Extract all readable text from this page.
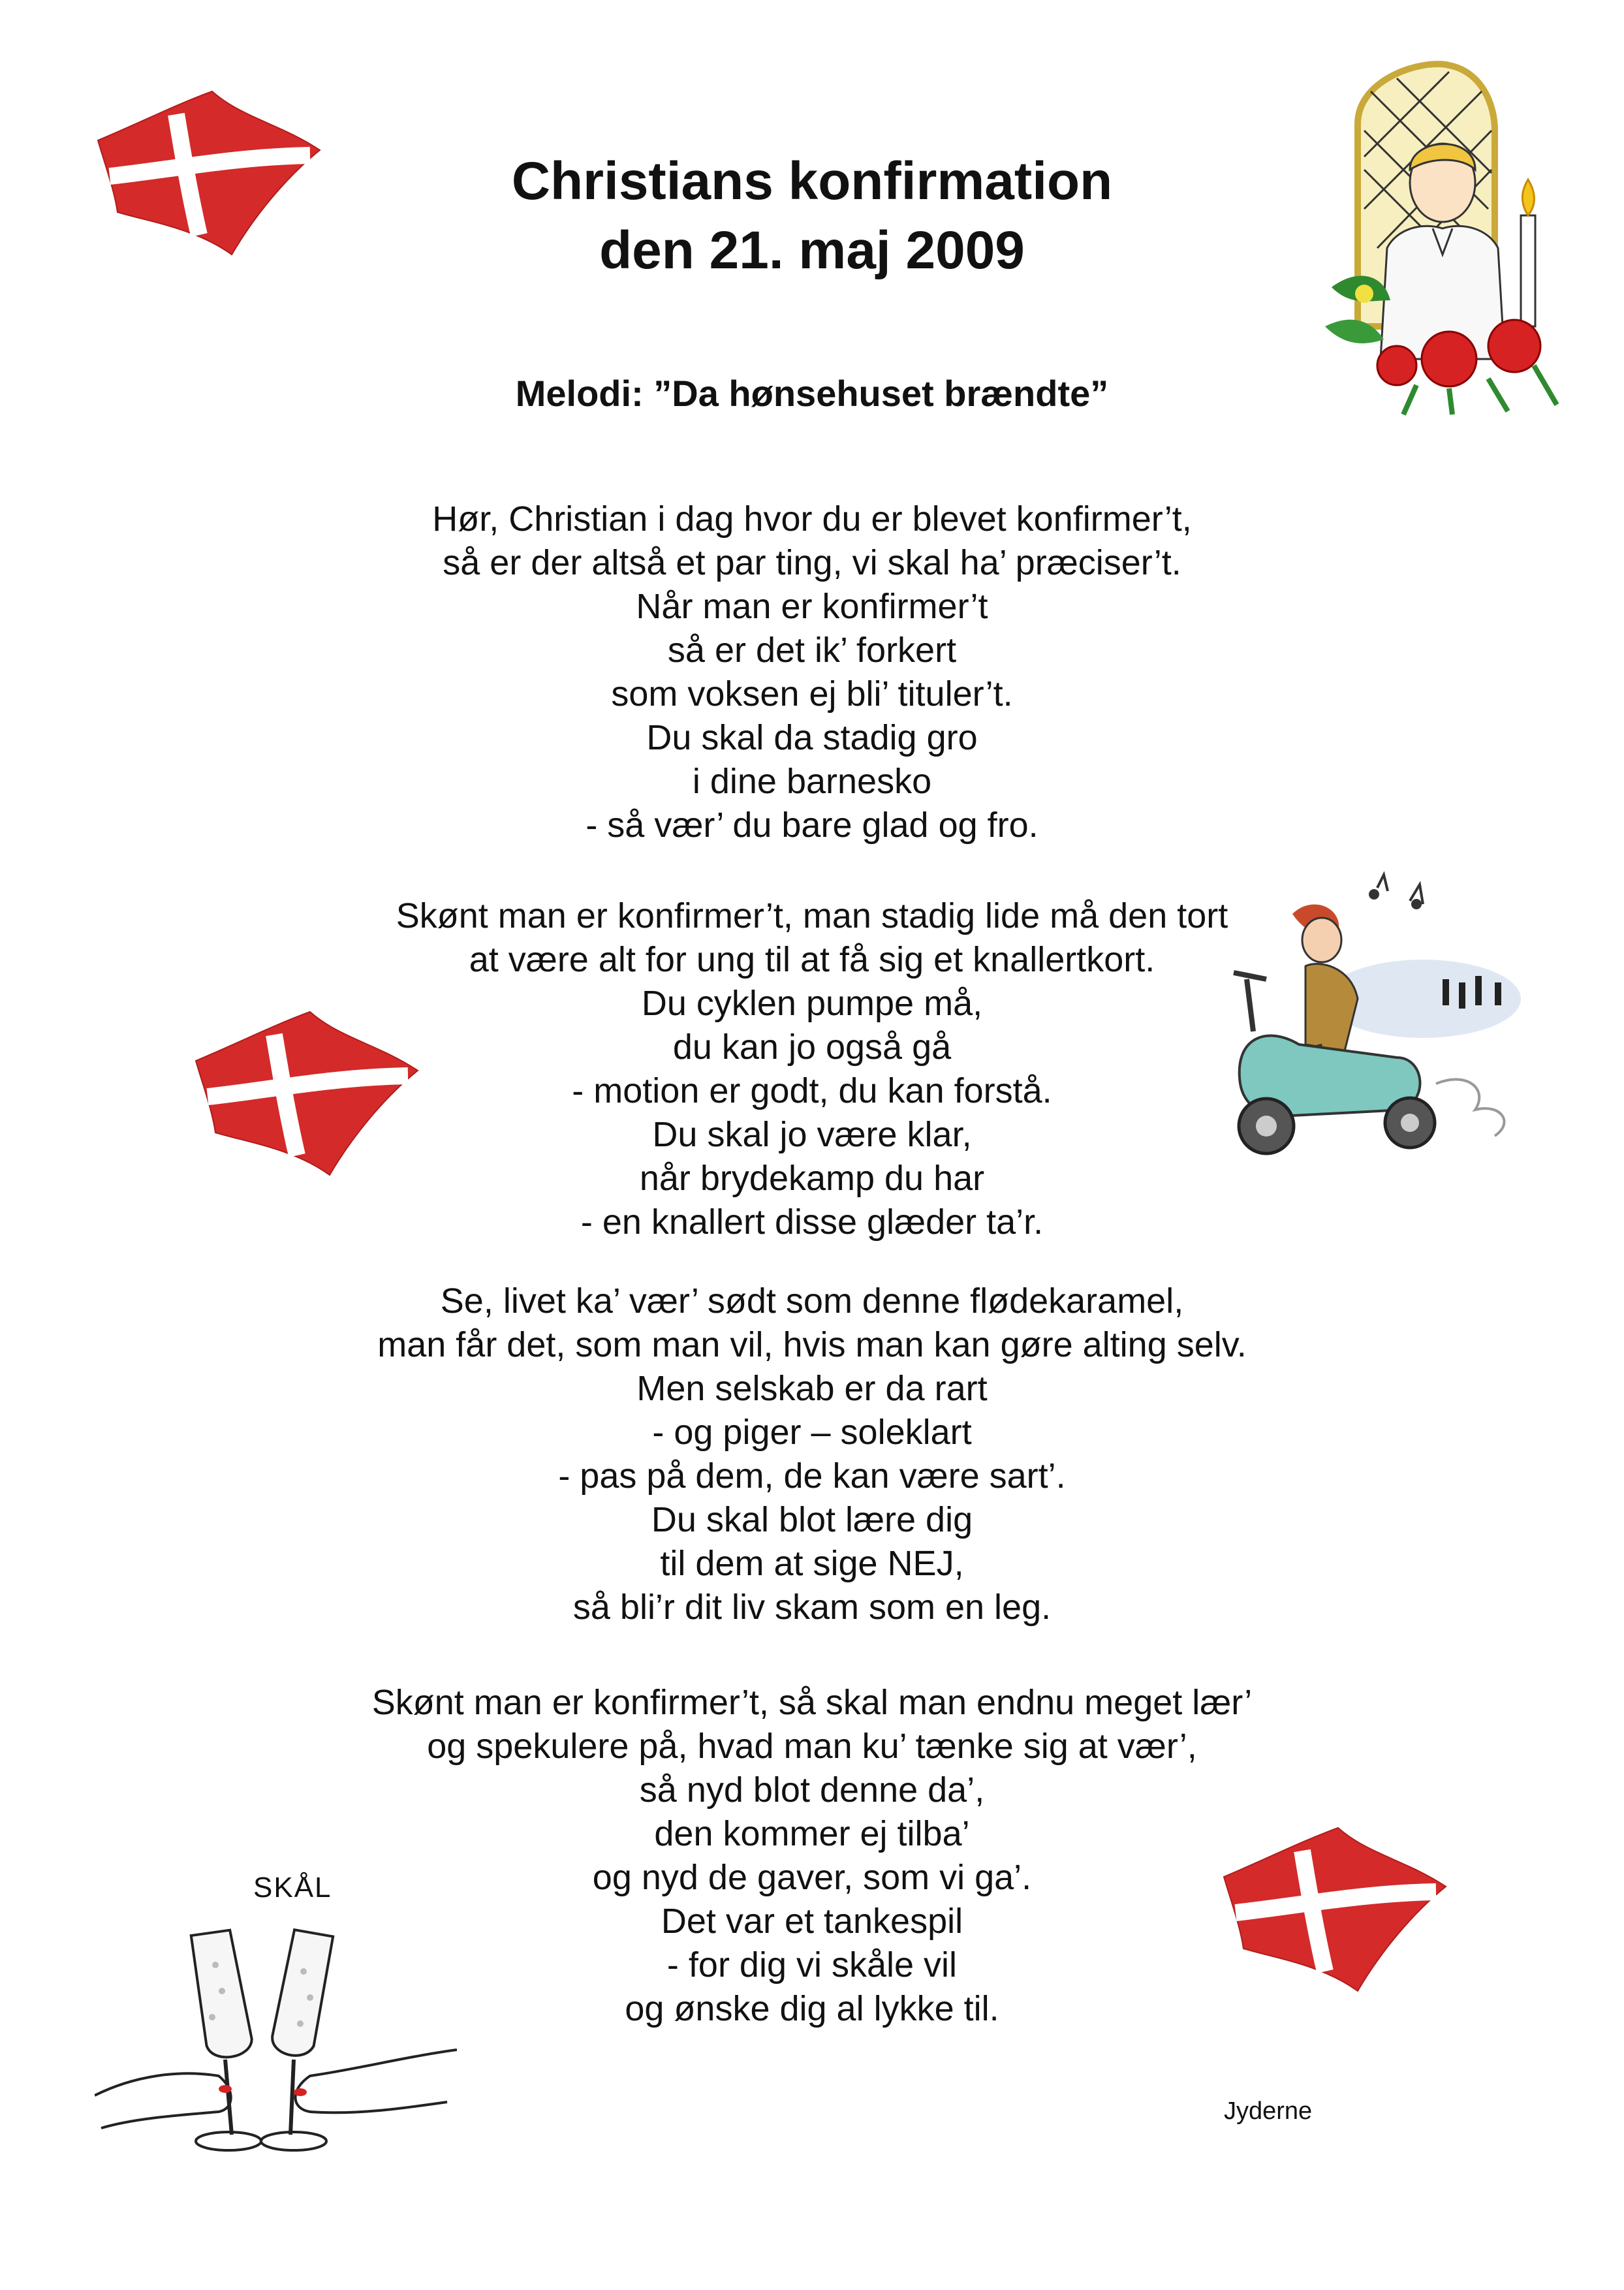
Christians konfirmation
den 21. maj 2009
Melodi: ”Da hønsehuset brændte”
Hør, Christian i dag hvor du er blevet konfirmer’t,
så er der altså et par ting, vi skal ha’ præciser’t.
Når man er konfirmer’t
så er det ik’ forkert
som voksen ej bli’ tituler’t.
Du skal da stadig gro
i dine barnesko
- så vær’ du bare glad og fro.
Skønt man er konfirmer’t, man stadig lide må den tort
at være alt for ung til at få sig et knallertkort.
Du cyklen pumpe må,
du kan jo også gå
- motion er godt, du kan forstå.
Du skal jo være klar,
når brydekamp du har
- en knallert disse glæder ta’r.
Se, livet ka’ vær’ sødt som denne flødekaramel,
man får det, som man vil, hvis man kan gøre alting selv.
Men selskab er da rart
- og piger – soleklart
- pas på dem, de kan være sart’.
Du skal blot lære dig
til dem at sige NEJ,
så bli’r dit liv skam som en leg.
Skønt man er konfirmer’t, så skal man endnu meget lær’
og spekulere på, hvad man ku’ tænke sig at vær’,
så nyd blot denne da’,
den kommer ej tilba’
og nyd de gaver, som vi ga’.
Det var et tankespil
- for dig vi skåle vil
og ønske dig al lykke til.
Jyderne
SKÅL
